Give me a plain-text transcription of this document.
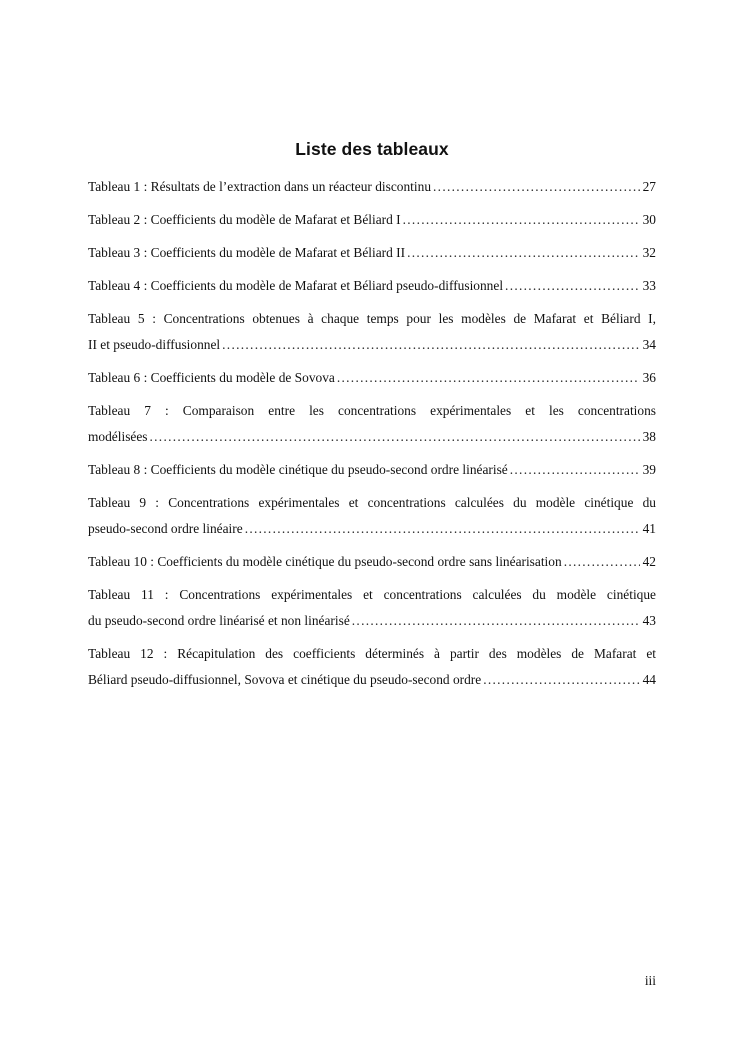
Liste des tableaux
Tableau 1 : Résultats de l’extraction dans un réacteur discontinu .....	27
Tableau 2 : Coefficients du modèle de Mafarat et Béliard I .....	30
Tableau 3 : Coefficients du modèle de Mafarat et Béliard II .....	32
Tableau 4 : Coefficients du modèle de Mafarat et Béliard pseudo-diffusionnel .....	33
Tableau 5 : Concentrations obtenues à chaque temps pour les modèles de Mafarat et Béliard I,
II et pseudo-diffusionnel .....	34
Tableau 6 : Coefficients du modèle de Sovova .....	36
Tableau 7 : Comparaison entre les concentrations expérimentales et les concentrations
modélisées .....	38
Tableau 8 : Coefficients du modèle cinétique du pseudo-second ordre linéarisé .....	39
Tableau 9 : Concentrations expérimentales et concentrations calculées du modèle cinétique du
pseudo-second ordre linéaire .....	41
Tableau 10 : Coefficients du modèle cinétique du pseudo-second ordre sans linéarisation .....	42
Tableau 11 : Concentrations expérimentales et concentrations calculées du modèle cinétique
du pseudo-second ordre linéarisé et non linéarisé .....	43
Tableau 12 : Récapitulation des coefficients déterminés à partir des modèles de Mafarat et
Béliard pseudo-diffusionnel, Sovova et cinétique du pseudo-second ordre .....	44
iii
